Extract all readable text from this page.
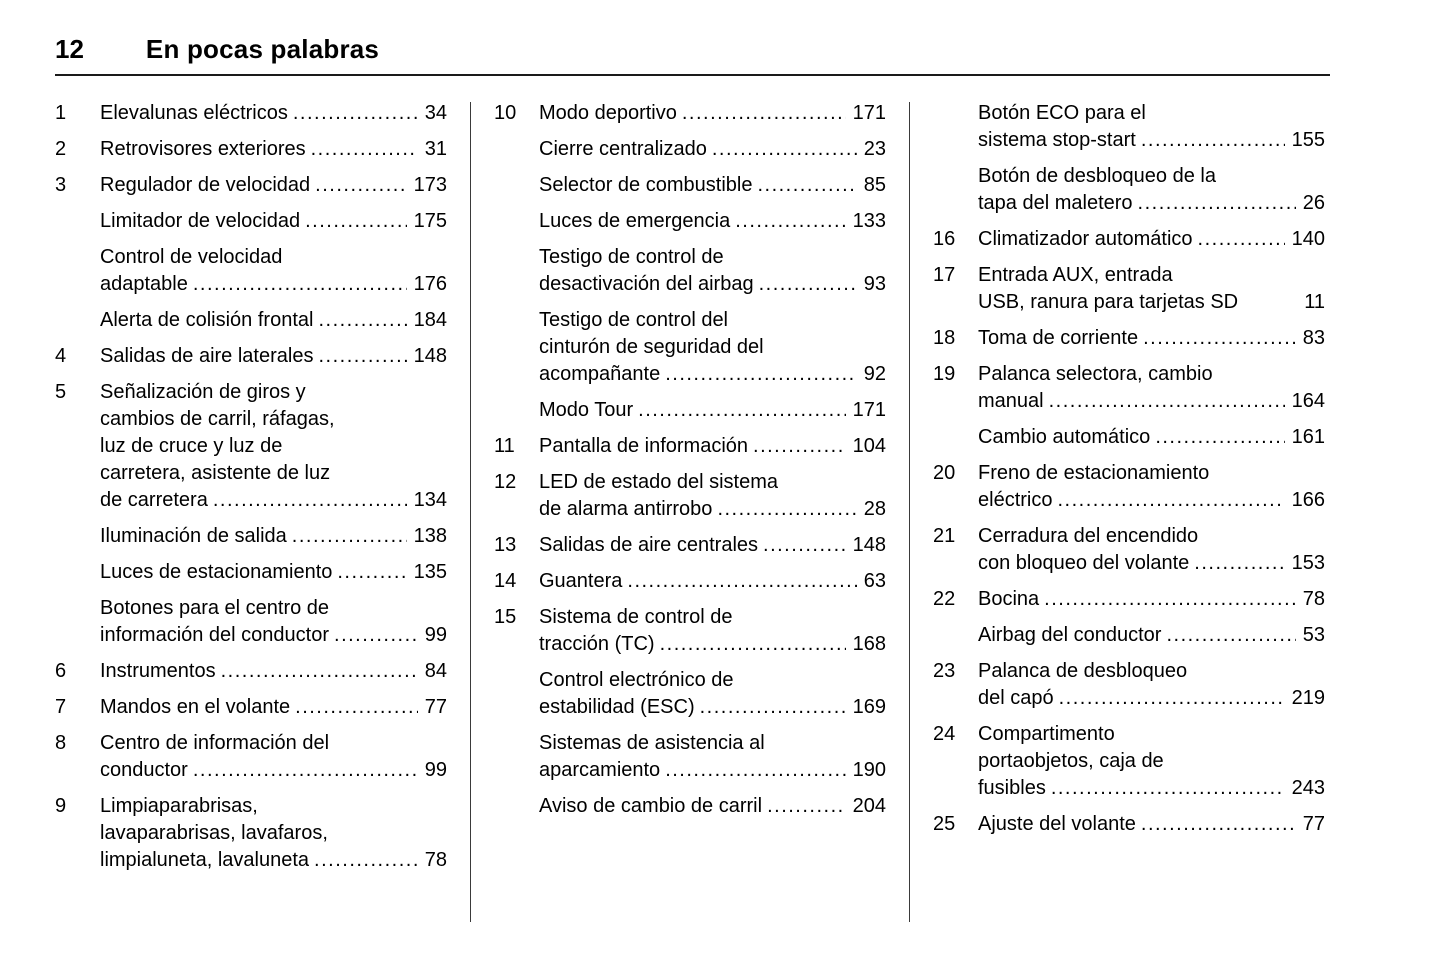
12 En pocas palabras
1	Elevalunas eléctricos .....	34
2	Retrovisores exteriores .....	31
3	Regulador de velocidad .....	173
Limitador de velocidad .....	175
Control de velocidad
adaptable .....	176
Alerta de colisión frontal .....	184
4	Salidas de aire laterales .....	148
5	Señalización de giros y
cambios de carril, ráfagas,
luz de cruce y luz de
carretera, asistente de luz
de carretera .....	134
Iluminación de salida .....	138
Luces de estacionamiento .....	135
Botones para el centro de
información del conductor .....	99
6	Instrumentos .....	84
7	Mandos en el volante .....	77
8	Centro de información del
conductor .....	99
9	Limpiaparabrisas,
lavaparabrisas, lavafaros,
limpialuneta, lavaluneta .....	78
10	Modo deportivo .....	171
Cierre centralizado .....	23
Selector de combustible .....	85
Luces de emergencia .....	133
Testigo de control de
desactivación del airbag .....	93
Testigo de control del
cinturón de seguridad del
acompañante .....	92
Modo Tour .....	171
11	Pantalla de información .....	104
12	LED de estado del sistema
de alarma antirrobo .....	28
13	Salidas de aire centrales .....	148
14	Guantera .....	63
15	Sistema de control de
tracción (TC) .....	168
Control electrónico de
estabilidad (ESC) .....	169
Sistemas de asistencia al
aparcamiento .....	190
Aviso de cambio de carril .....	204
Botón ECO para el
sistema stop-start .....	155
Botón de desbloqueo de la
tapa del maletero .....	26
16	Climatizador automático .....	140
17	Entrada AUX, entrada
USB, ranura para tarjetas SD	11
18	Toma de corriente .....	83
19	Palanca selectora, cambio
manual .....	164
Cambio automático .....	161
20	Freno de estacionamiento
eléctrico .....	166
21	Cerradura del encendido
con bloqueo del volante .....	153
22	Bocina .....	78
Airbag del conductor .....	53
23	Palanca de desbloqueo
del capó .....	219
24	Compartimento
portaobjetos, caja de
fusibles .....	243
25	Ajuste del volante .....	77
